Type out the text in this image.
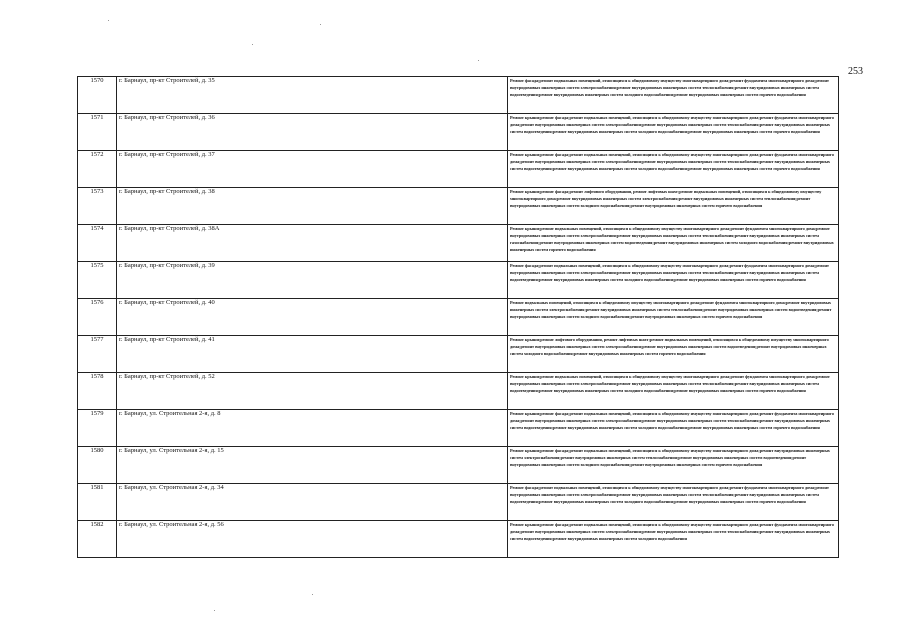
253
1570	г. Барнаул, пр-кт Строителей, д. 35	Ремонт фасада;ремонт подвальных помещений, относящихся к общедомовому имуществу многоквартирного дома;ремонт фундамента многоквартирного дома;ремонт внутридомовых инженерных систем электроснабжения;ремонт внутридомовых инженерных систем теплоснабжения;ремонт внутридомовых инженерных систем водоотведения;ремонт внутридомовых инженерных систем холодного водоснабжения;ремонт внутридомовых инженерных систем горячего водоснабжения
1571	г. Барнаул, пр-кт Строителей, д. 36	Ремонт крыши;ремонт фасада;ремонт подвальных помещений, относящихся к общедомовому имуществу многоквартирного дома;ремонт фундамента многоквартирного дома;ремонт внутридомовых инженерных систем электроснабжения;ремонт внутридомовых инженерных систем теплоснабжения;ремонт внутридомовых инженерных систем водоотведения;ремонт внутридомовых инженерных систем холодного водоснабжения;ремонт внутридомовых инженерных систем горячего водоснабжения
1572	г. Барнаул, пр-кт Строителей, д. 37	Ремонт крыши;ремонт фасада;ремонт подвальных помещений, относящихся к общедомовому имуществу многоквартирного дома;ремонт фундамента многоквартирного дома;ремонт внутридомовых инженерных систем электроснабжения;ремонт внутридомовых инженерных систем теплоснабжения;ремонт внутридомовых инженерных систем водоотведения;ремонт внутридомовых инженерных систем холодного водоснабжения;ремонт внутридомовых инженерных систем горячего водоснабжения
1573	г. Барнаул, пр-кт Строителей, д. 38	Ремонт крыши;ремонт фасада;ремонт лифтового оборудования, ремонт лифтовых шахт;ремонт подвальных помещений, относящихся к общедомовому имуществу многоквартирного дома;ремонт внутридомовых инженерных систем электроснабжения;ремонт внутридомовых инженерных систем теплоснабжения;ремонт внутридомовых инженерных систем холодного водоснабжения;ремонт внутридомовых инженерных систем горячего водоснабжения
1574	г. Барнаул, пр-кт Строителей, д. 38А	Ремонт крыши;ремонт подвальных помещений, относящихся к общедомовому имуществу многоквартирного дома;ремонт фундамента многоквартирного дома;ремонт внутридомовых инженерных систем электроснабжения;ремонт внутридомовых инженерных систем теплоснабжения;ремонт внутридомовых инженерных систем газоснабжения;ремонт внутридомовых инженерных систем водоотведения;ремонт внутридомовых инженерных систем холодного водоснабжения;ремонт внутридомовых инженерных систем горячего водоснабжения
1575	г. Барнаул, пр-кт Строителей, д. 39	Ремонт фасада;ремонт подвальных помещений, относящихся к общедомовому имуществу многоквартирного дома;ремонт фундамента многоквартирного дома;ремонт внутридомовых инженерных систем электроснабжения;ремонт внутридомовых инженерных систем теплоснабжения;ремонт внутридомовых инженерных систем водоотведения;ремонт внутридомовых инженерных систем холодного водоснабжения;ремонт внутридомовых инженерных систем горячего водоснабжения
1576	г. Барнаул, пр-кт Строителей, д. 40	Ремонт подвальных помещений, относящихся к общедомовому имуществу многоквартирного дома;ремонт фундамента многоквартирного дома;ремонт внутридомовых инженерных систем электроснабжения;ремонт внутридомовых инженерных систем теплоснабжения;ремонт внутридомовых инженерных систем водоотведения;ремонт внутридомовых инженерных систем холодного водоснабжения;ремонт внутридомовых инженерных систем горячего водоснабжения
1577	г. Барнаул, пр-кт Строителей, д. 41	Ремонт крыши;ремонт лифтового оборудования, ремонт лифтовых шахт;ремонт подвальных помещений, относящихся к общедомовому имуществу многоквартирного дома;ремонт внутридомовых инженерных систем электроснабжения;ремонт внутридомовых инженерных систем водоотведения;ремонт внутридомовых инженерных систем холодного водоснабжения;ремонт внутридомовых инженерных систем горячего водоснабжения
1578	г. Барнаул, пр-кт Строителей, д. 52	Ремонт крыши;ремонт подвальных помещений, относящихся к общедомовому имуществу многоквартирного дома;ремонт фундамента многоквартирного дома;ремонт внутридомовых инженерных систем электроснабжения;ремонт внутридомовых инженерных систем теплоснабжения;ремонт внутридомовых инженерных систем водоотведения;ремонт внутридомовых инженерных систем холодного водоснабжения;ремонт внутридомовых инженерных систем горячего водоснабжения
1579	г. Барнаул, ул. Строительная 2-я, д. 8	Ремонт крыши;ремонт фасада;ремонт подвальных помещений, относящихся к общедомовому имуществу многоквартирного дома;ремонт фундамента многоквартирного дома;ремонт внутридомовых инженерных систем электроснабжения;ремонт внутридомовых инженерных систем теплоснабжения;ремонт внутридомовых инженерных систем водоотведения;ремонт внутридомовых инженерных систем холодного водоснабжения;ремонт внутридомовых инженерных систем горячего водоснабжения
1580	г. Барнаул, ул. Строительная 2-я, д. 15	Ремонт крыши;ремонт фасада;ремонт подвальных помещений, относящихся к общедомовому имуществу многоквартирного дома;ремонт внутридомовых инженерных систем электроснабжения;ремонт внутридомовых инженерных систем теплоснабжения;ремонт внутридомовых инженерных систем водоотведения;ремонт внутридомовых инженерных систем холодного водоснабжения;ремонт внутридомовых инженерных систем горячего водоснабжения
1581	г. Барнаул, ул. Строительная 2-я, д. 34	Ремонт фасада;ремонт подвальных помещений, относящихся к общедомовому имуществу многоквартирного дома;ремонт фундамента многоквартирного дома;ремонт внутридомовых инженерных систем электроснабжения;ремонт внутридомовых инженерных систем теплоснабжения;ремонт внутридомовых инженерных систем водоотведения;ремонт внутридомовых инженерных систем холодного водоснабжения;ремонт внутридомовых инженерных систем горячего водоснабжения
1582	г. Барнаул, ул. Строительная 2-я, д. 56	Ремонт крыши;ремонт фасада;ремонт подвальных помещений, относящихся к общедомовому имуществу многоквартирного дома;ремонт фундамента многоквартирного дома;ремонт внутридомовых инженерных систем электроснабжения;ремонт внутридомовых инженерных систем теплоснабжения;ремонт внутридомовых инженерных систем водоотведения;ремонт внутридомовых инженерных систем холодного водоснабжения
